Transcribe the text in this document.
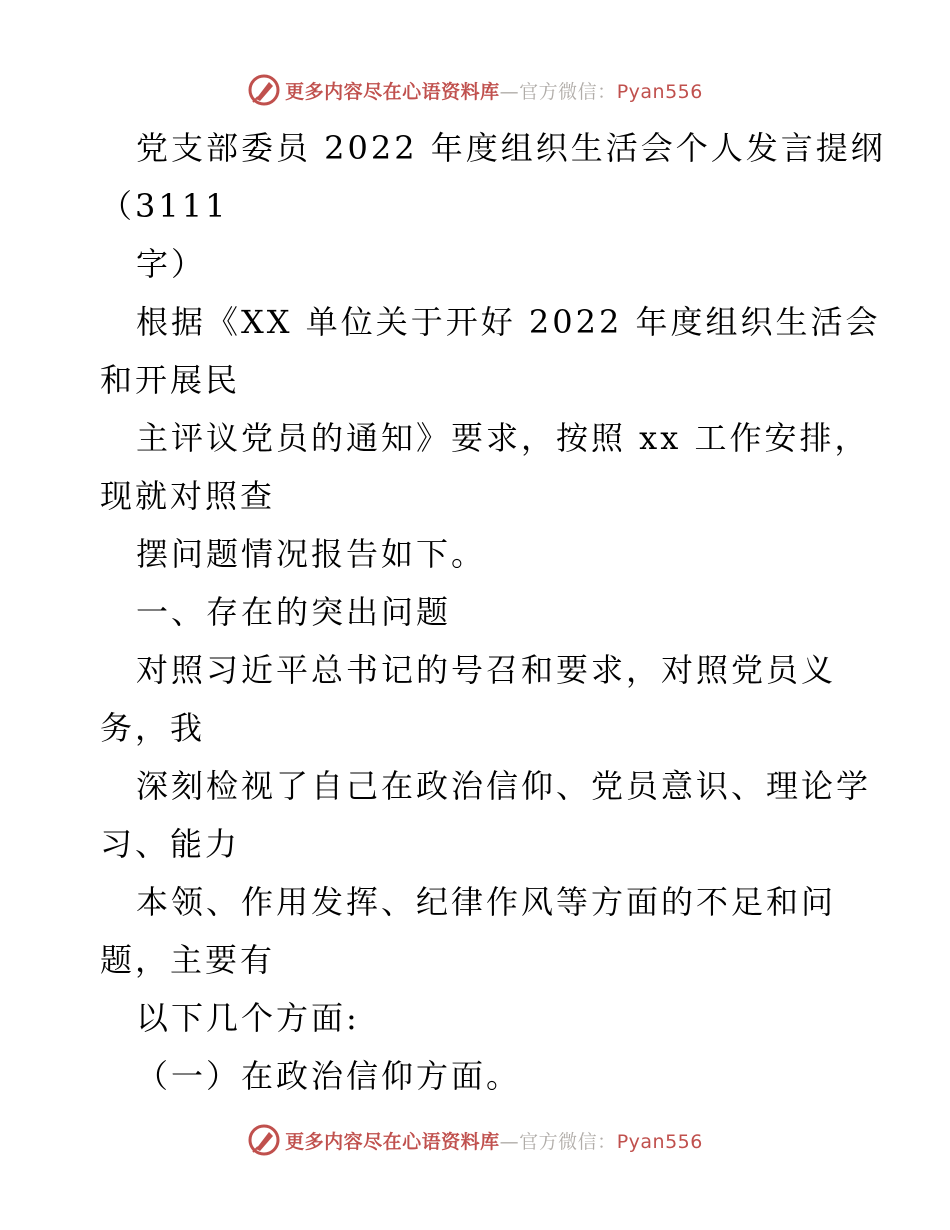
更多内容尽在心语资料库—官方微信：Pyan556
党支部委员 2022 年度组织生活会个人发言提纲
（3111
字）
根据《XX 单位关于开好 2022 年度组织生活会
和开展民
主评议党员的通知》要求，按照 xx 工作安排，
现就对照查
摆问题情况报告如下。
一、存在的突出问题
对照习近平总书记的号召和要求，对照党员义
务，我
深刻检视了自己在政治信仰、党员意识、理论学
习、能力
本领、作用发挥、纪律作风等方面的不足和问
题，主要有
以下几个方面:
（一）在政治信仰方面。
更多内容尽在心语资料库—官方微信：Pyan556
